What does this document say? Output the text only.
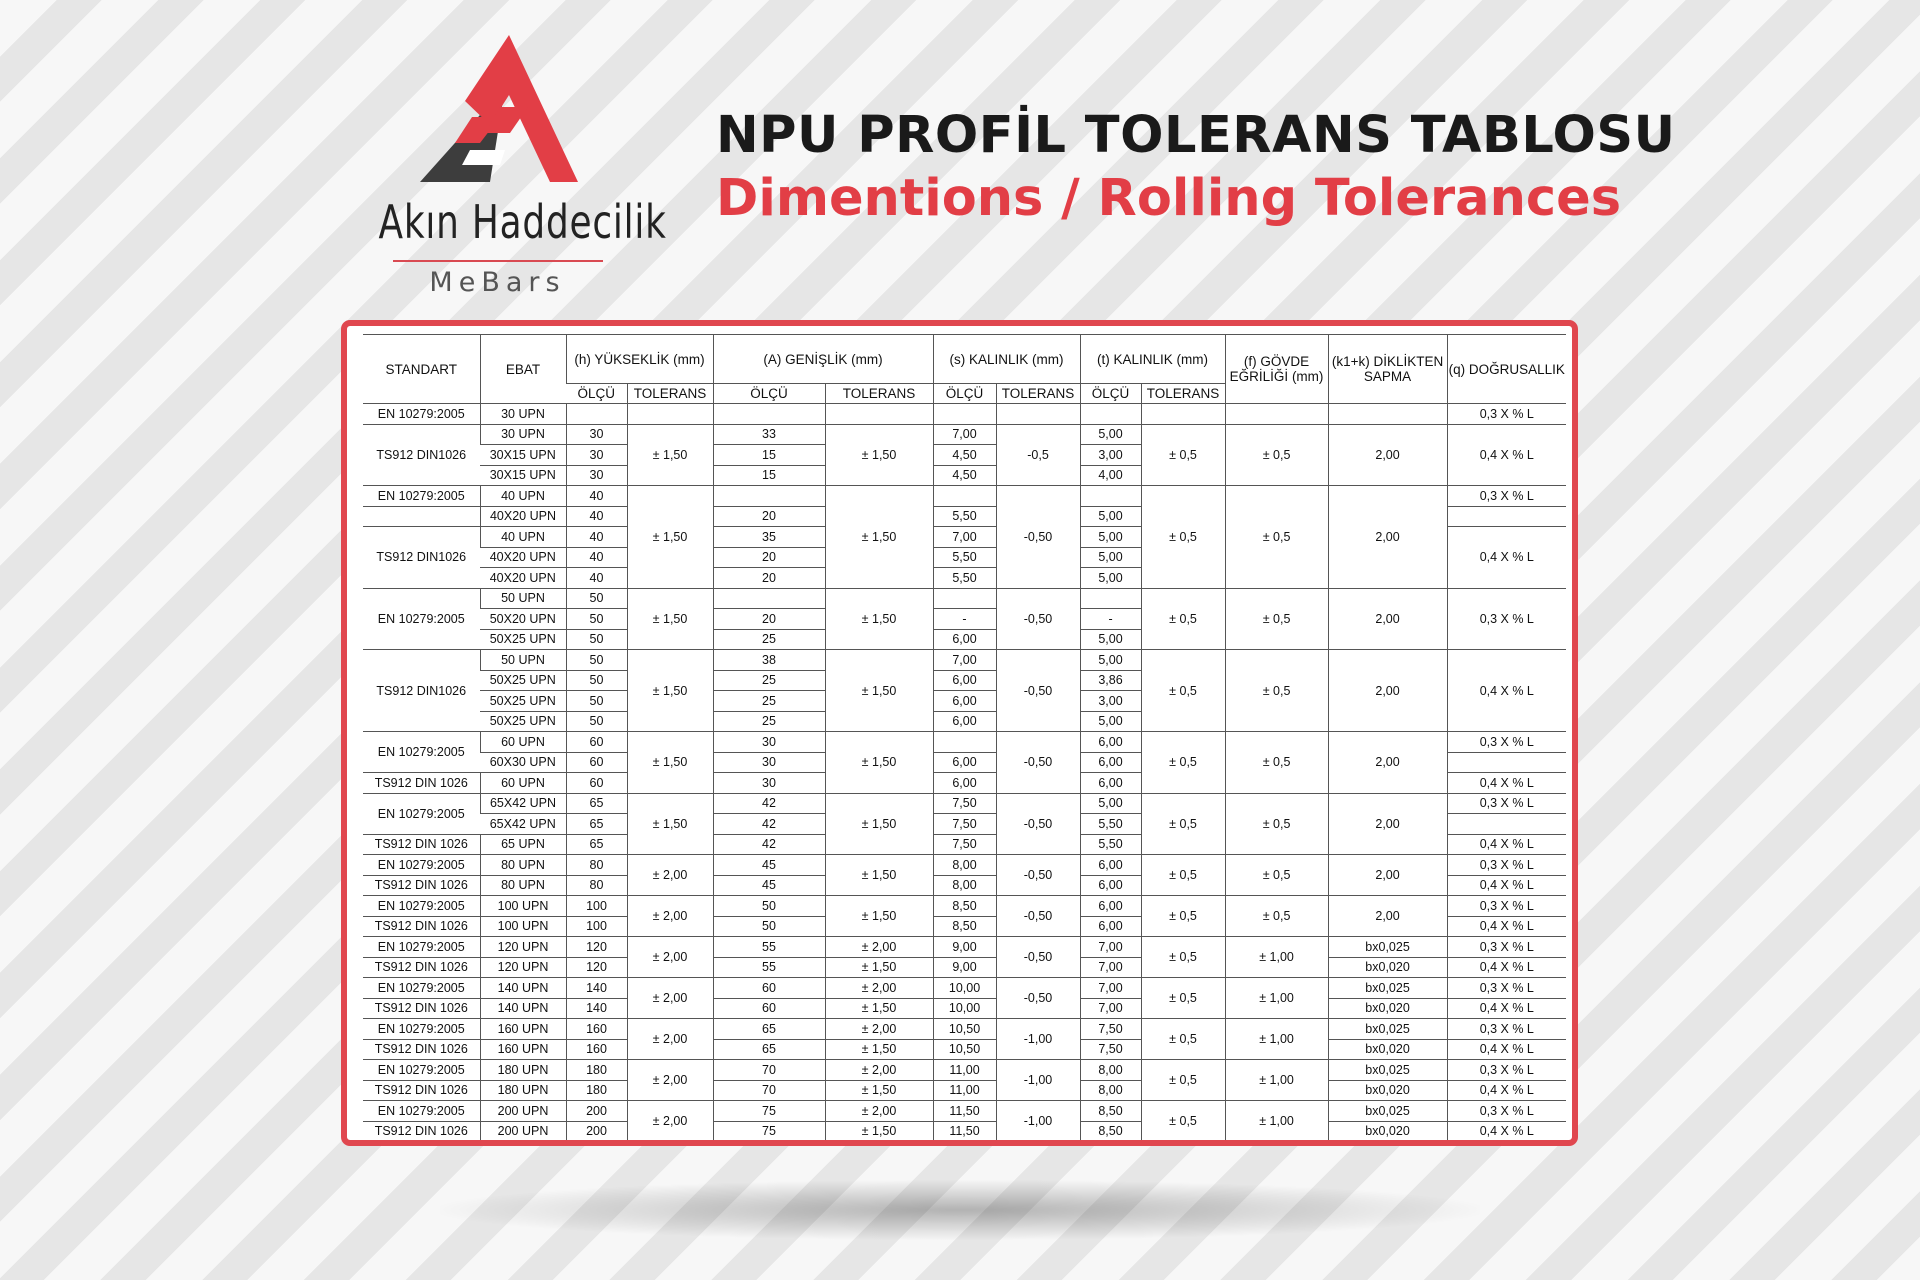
Akın Haddecilik
MeBars
NPU PROFİL TOLERANS TABLOSU
Dimentions / Rolling Tolerances
STANDART	EBAT	(h) YÜKSEKLİK (mm)		(A) GENİŞLİK (mm)		(s) KALINLIK (mm)		(t) KALINLIK (mm)		(f) GÖVDE EĞRİLİĞİ (mm)	(k1+k) DİKLİKTEN SAPMA	(q) DOĞRUSALLIK
		ÖLÇÜ	TOLERANS	ÖLÇÜ	TOLERANS	ÖLÇÜ	TOLERANS	ÖLÇÜ	TOLERANS			
EN 10279:2005	30 UPN											0,3 X % L
TS912 DIN1026	30 UPN	30	± 1,50	33	± 1,50	7,00	-0,5	5,00	± 0,5	± 0,5	2,00	0,4 X % L
	30X15 UPN	30		15		4,50		3,00				
	30X15 UPN	30		15		4,50		4,00				
EN 10279:2005	40 UPN	40	± 1,50		± 1,50		-0,50		± 0,5	± 0,5	2,00	0,3 X % L
	40X20 UPN	40		20		5,50		5,00				
TS912 DIN1026	40 UPN	40		35		7,00		5,00				0,4 X % L
	40X20 UPN	40		20		5,50		5,00				
	40X20 UPN	40		20		5,50		5,00				
EN 10279:2005	50 UPN	50	± 1,50		± 1,50		-0,50		± 0,5	± 0,5	2,00	0,3 X % L
	50X20 UPN	50		20		-		-				
	50X25 UPN	50		25		6,00		5,00				
TS912 DIN1026	50 UPN	50	± 1,50	38	± 1,50	7,00	-0,50	5,00	± 0,5	± 0,5	2,00	0,4 X % L
	50X25 UPN	50		25		6,00		3,86				
	50X25 UPN	50		25		6,00		3,00				
	50X25 UPN	50		25		6,00		5,00				
EN 10279:2005	60 UPN	60	± 1,50	30	± 1,50		-0,50	6,00	± 0,5	± 0,5	2,00	0,3 X % L
	60X30 UPN	60		30		6,00		6,00				
TS912 DIN 1026	60 UPN	60		30		6,00		6,00				0,4 X % L
EN 10279:2005	65X42 UPN	65	± 1,50	42	± 1,50	7,50	-0,50	5,00	± 0,5	± 0,5	2,00	0,3 X % L
	65X42 UPN	65		42		7,50		5,50				
TS912 DIN 1026	65 UPN	65		42		7,50		5,50				0,4 X % L
EN 10279:2005	80 UPN	80	± 2,00	45	± 1,50	8,00	-0,50	6,00	± 0,5	± 0,5	2,00	0,3 X % L
TS912 DIN 1026	80 UPN	80		45		8,00		6,00				0,4 X % L
EN 10279:2005	100 UPN	100	± 2,00	50	± 1,50	8,50	-0,50	6,00	± 0,5	± 0,5	2,00	0,3 X % L
TS912 DIN 1026	100 UPN	100		50		8,50		6,00				0,4 X % L
EN 10279:2005	120 UPN	120	± 2,00	55	± 2,00	9,00	-0,50	7,00	± 0,5	± 1,00	bx0,025	0,3 X % L
TS912 DIN 1026	120 UPN	120		55	± 1,50	9,00		7,00			bx0,020	0,4 X % L
EN 10279:2005	140 UPN	140	± 2,00	60	± 2,00	10,00	-0,50	7,00	± 0,5	± 1,00	bx0,025	0,3 X % L
TS912 DIN 1026	140 UPN	140		60	± 1,50	10,00		7,00			bx0,020	0,4 X % L
EN 10279:2005	160 UPN	160	± 2,00	65	± 2,00	10,50	-1,00	7,50	± 0,5	± 1,00	bx0,025	0,3 X % L
TS912 DIN 1026	160 UPN	160		65	± 1,50	10,50		7,50			bx0,020	0,4 X % L
EN 10279:2005	180 UPN	180	± 2,00	70	± 2,00	11,00	-1,00	8,00	± 0,5	± 1,00	bx0,025	0,3 X % L
TS912 DIN 1026	180 UPN	180		70	± 1,50	11,00		8,00			bx0,020	0,4 X % L
EN 10279:2005	200 UPN	200	± 2,00	75	± 2,00	11,50	-1,00	8,50	± 0,5	± 1,00	bx0,025	0,3 X % L
TS912 DIN 1026	200 UPN	200		75	± 1,50	11,50		8,50			bx0,020	0,4 X % L
